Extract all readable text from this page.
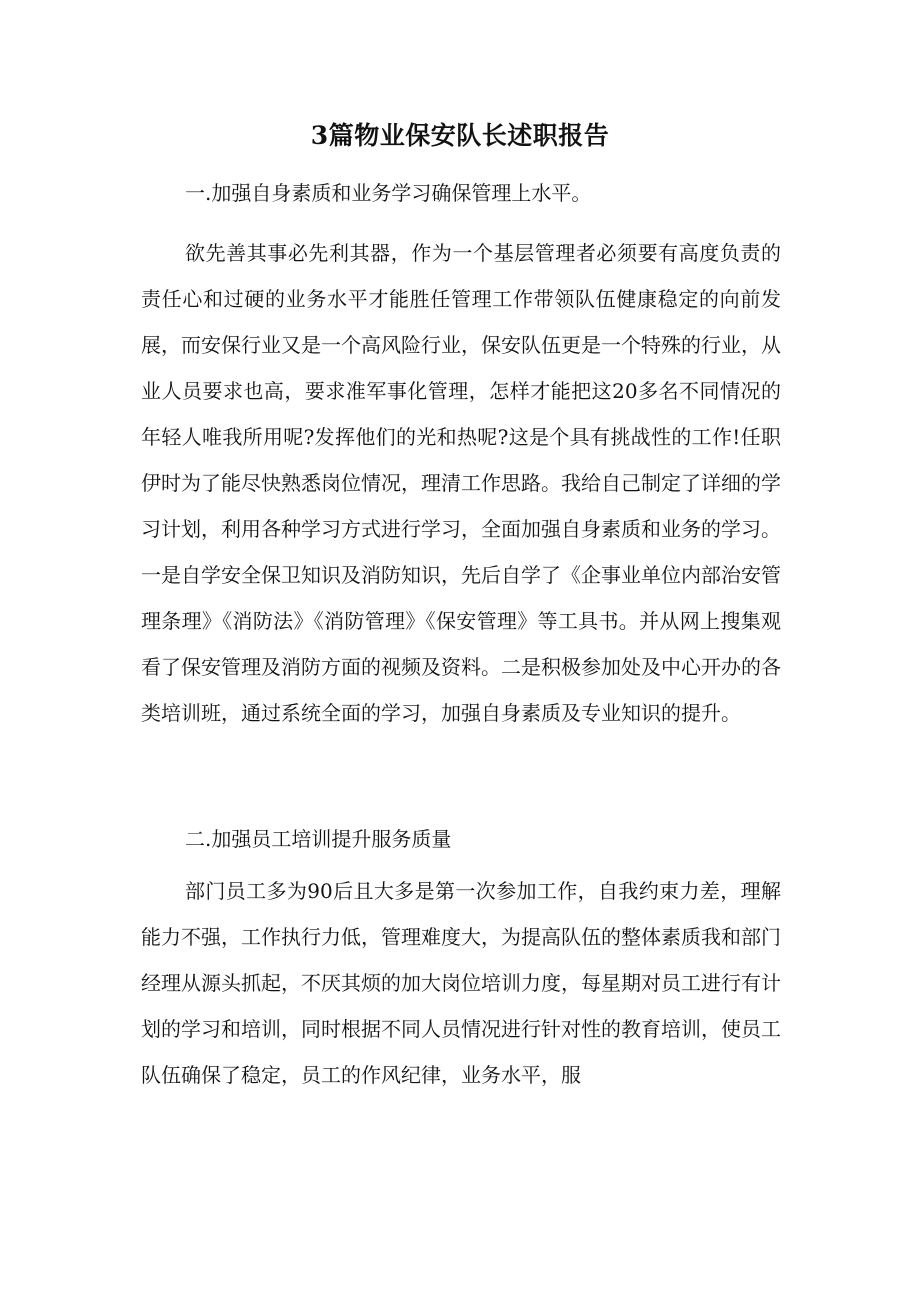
3篇物业保安队长述职报告
一.加强自身素质和业务学习确保管理上水平。
欲先善其事必先利其器，作为一个基层管理者必须要有高度负责的责任心和过硬的业务水平才能胜任管理工作带领队伍健康稳定的向前发展，而安保行业又是一个高风险行业，保安队伍更是一个特殊的行业，从业人员要求也高，要求准军事化管理，怎样才能把这20多名不同情况的年轻人唯我所用呢?发挥他们的光和热呢?这是个具有挑战性的工作!任职伊时为了能尽快熟悉岗位情况，理清工作思路。我给自己制定了详细的学习计划，利用各种学习方式进行学习，全面加强自身素质和业务的学习。一是自学安全保卫知识及消防知识，先后自学了《企事业单位内部治安管理条理》《消防法》《消防管理》《保安管理》等工具书。并从网上搜集观看了保安管理及消防方面的视频及资料。二是积极参加处及中心开办的各类培训班，通过系统全面的学习，加强自身素质及专业知识的提升。
二.加强员工培训提升服务质量
部门员工多为90后且大多是第一次参加工作，自我约束力差，理解能力不强，工作执行力低，管理难度大，为提高队伍的整体素质我和部门经理从源头抓起，不厌其烦的加大岗位培训力度，每星期对员工进行有计划的学习和培训，同时根据不同人员情况进行针对性的教育培训，使员工队伍确保了稳定，员工的作风纪律，业务水平，服
